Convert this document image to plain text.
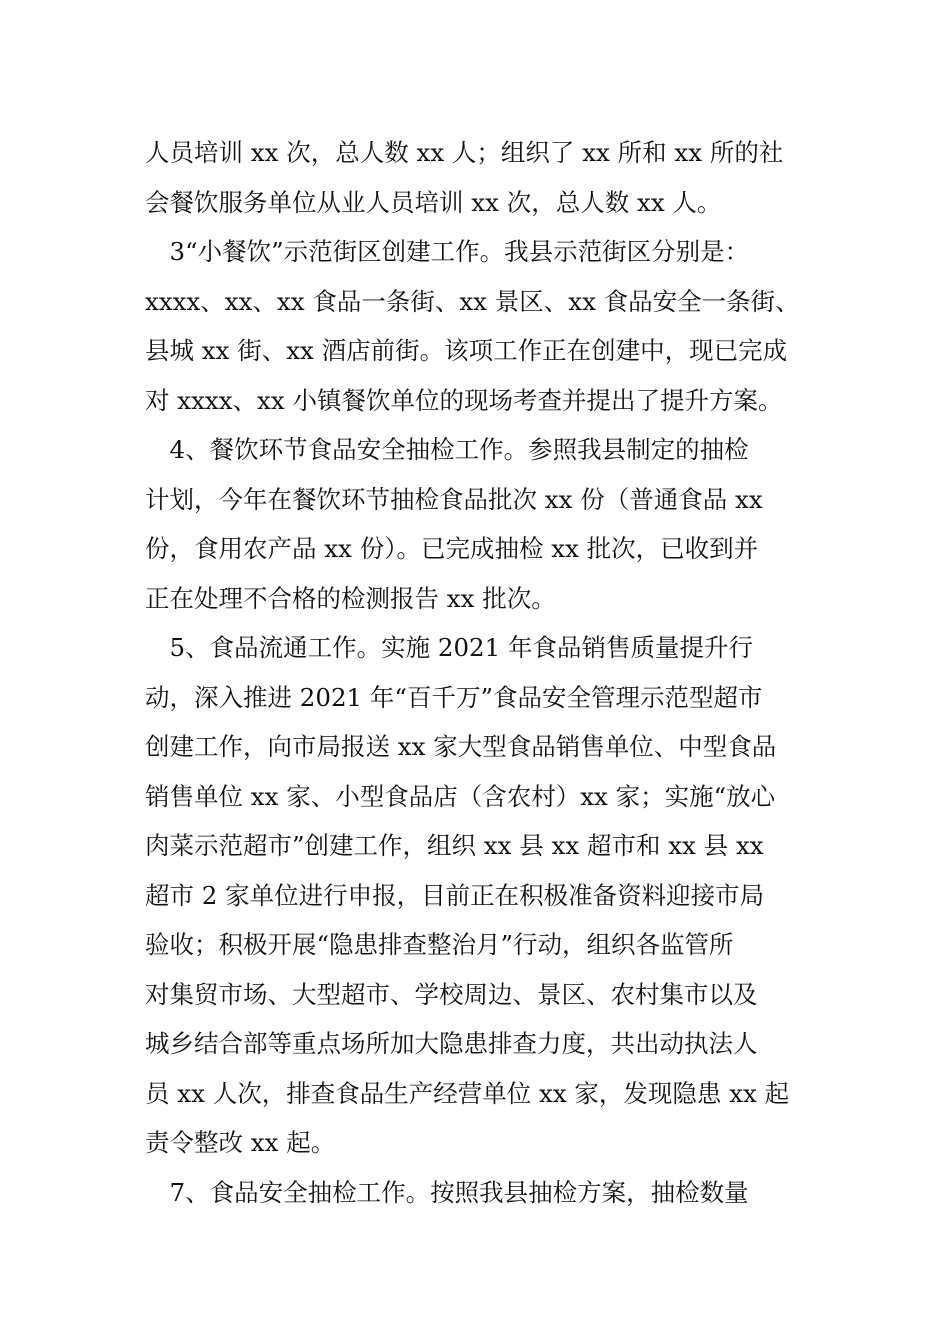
人员培训 xx 次，总人数 xx 人；组织了 xx 所和 xx 所的社
会餐饮服务单位从业人员培训 xx 次，总人数 xx 人。
　3“小餐饮”示范街区创建工作。我县示范街区分别是：
xxxx、xx、xx 食品一条街、xx 景区、xx 食品安全一条街、
县城 xx 街、xx 酒店前街。该项工作正在创建中，现已完成
对 xxxx、xx 小镇餐饮单位的现场考查并提出了提升方案。
　4、餐饮环节食品安全抽检工作。参照我县制定的抽检
计划，今年在餐饮环节抽检食品批次 xx 份（普通食品 xx
份，食用农产品 xx 份）。已完成抽检 xx 批次，已收到并
正在处理不合格的检测报告 xx 批次。
　5、食品流通工作。实施 2021 年食品销售质量提升行
动，深入推进 2021 年“百千万”食品安全管理示范型超市
创建工作，向市局报送 xx 家大型食品销售单位、中型食品
销售单位 xx 家、小型食品店（含农村）xx 家；实施“放心
肉菜示范超市”创建工作，组织 xx 县 xx 超市和 xx 县 xx
超市 2 家单位进行申报，目前正在积极准备资料迎接市局
验收；积极开展“隐患排查整治月”行动，组织各监管所
对集贸市场、大型超市、学校周边、景区、农村集市以及
城乡结合部等重点场所加大隐患排查力度，共出动执法人
员 xx 人次，排查食品生产经营单位 xx 家，发现隐患 xx 起
责令整改 xx 起。
　7、食品安全抽检工作。按照我县抽检方案，抽检数量
